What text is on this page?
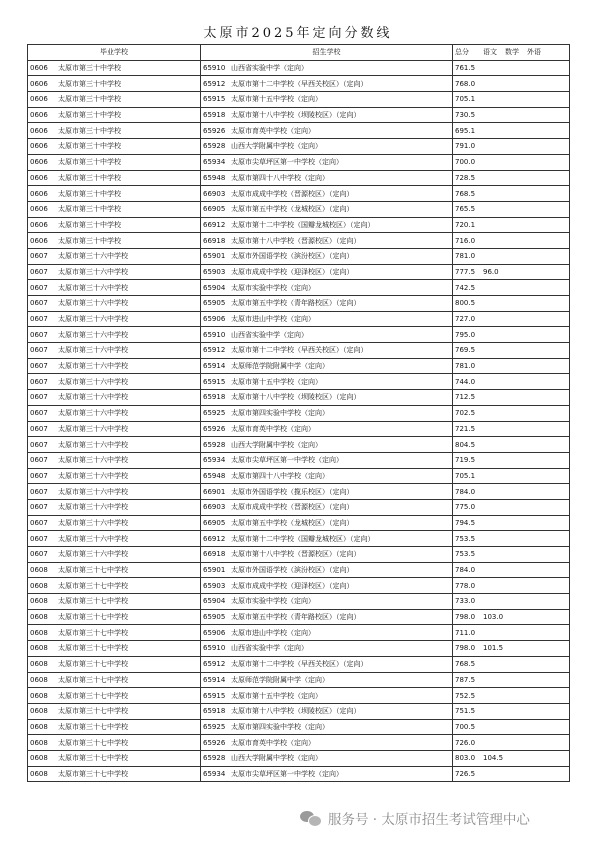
太原市2025年定向分数线
毕业学校	招生学校	总分 语文 数学 外语
0606 太原市第三十中学校	65910 山西省实验中学（定向）	761.5
0606 太原市第三十中学校	65912 太原市第十二中学校（早西关校区）（定向）	768.0
0606 太原市第三十中学校	65915 太原市第十五中学校（定向）	705.1
0606 太原市第三十中学校	65918 太原市第十八中学校（坝陵校区）（定向）	730.5
0606 太原市第三十中学校	65926 太原市育英中学校（定向）	695.1
0606 太原市第三十中学校	65928 山西大学附属中学校（定向）	791.0
0606 太原市第三十中学校	65934 太原市尖草坪区第一中学校（定向）	700.0
0606 太原市第三十中学校	65948 太原市第四十八中学校（定向）	728.5
0606 太原市第三十中学校	66903 太原市成成中学校（晋源校区）（定向）	768.5
0606 太原市第三十中学校	66905 太原市第五中学校（龙城校区）（定向）	765.5
0606 太原市第三十中学校	66912 太原市第十二中学校（国瓣龙城校区）（定向）	720.1
0606 太原市第三十中学校	66918 太原市第十八中学校（晋源校区）（定向）	716.0
0607 太原市第三十六中学校	65901 太原市外国语学校（滨汾校区）（定向）	781.0
0607 太原市第三十六中学校	65903 太原市成成中学校（迎泽校区）（定向）	777.5 96.0
0607 太原市第三十六中学校	65904 太原市实验中学校（定向）	742.5
0607 太原市第三十六中学校	65905 太原市第五中学校（青年路校区）（定向）	800.5
0607 太原市第三十六中学校	65906 太原市进山中学校（定向）	727.0
0607 太原市第三十六中学校	65910 山西省实验中学（定向）	795.0
0607 太原市第三十六中学校	65912 太原市第十二中学校（早西关校区）（定向）	769.5
0607 太原市第三十六中学校	65914 太原师范学院附属中学（定向）	781.0
0607 太原市第三十六中学校	65915 太原市第十五中学校（定向）	744.0
0607 太原市第三十六中学校	65918 太原市第十八中学校（坝陵校区）（定向）	712.5
0607 太原市第三十六中学校	65925 太原市第四实验中学校（定向）	702.5
0607 太原市第三十六中学校	65926 太原市育英中学校（定向）	721.5
0607 太原市第三十六中学校	65928 山西大学附属中学校（定向）	804.5
0607 太原市第三十六中学校	65934 太原市尖草坪区第一中学校（定向）	719.5
0607 太原市第三十六中学校	65948 太原市第四十八中学校（定向）	705.1
0607 太原市第三十六中学校	66901 太原市外国语学校（揽乐校区）（定向）	784.0
0607 太原市第三十六中学校	66903 太原市成成中学校（晋源校区）（定向）	775.0
0607 太原市第三十六中学校	66905 太原市第五中学校（龙城校区）（定向）	794.5
0607 太原市第三十六中学校	66912 太原市第十二中学校（国瓣龙城校区）（定向）	753.5
0607 太原市第三十六中学校	66918 太原市第十八中学校（晋源校区）（定向）	753.5
0608 太原市第三十七中学校	65901 太原市外国语学校（滨汾校区）（定向）	784.0
0608 太原市第三十七中学校	65903 太原市成成中学校（迎泽校区）（定向）	778.0
0608 太原市第三十七中学校	65904 太原市实验中学校（定向）	733.0
0608 太原市第三十七中学校	65905 太原市第五中学校（青年路校区）（定向）	798.0 103.0
0608 太原市第三十七中学校	65906 太原市进山中学校（定向）	711.0
0608 太原市第三十七中学校	65910 山西省实验中学（定向）	798.0 101.5
0608 太原市第三十七中学校	65912 太原市第十二中学校（早西关校区）（定向）	768.5
0608 太原市第三十七中学校	65914 太原师范学院附属中学（定向）	787.5
0608 太原市第三十七中学校	65915 太原市第十五中学校（定向）	752.5
0608 太原市第三十七中学校	65918 太原市第十八中学校（坝陵校区）（定向）	751.5
0608 太原市第三十七中学校	65925 太原市第四实验中学校（定向）	700.5
0608 太原市第三十七中学校	65926 太原市育英中学校（定向）	726.0
0608 太原市第三十七中学校	65928 山西大学附属中学校（定向）	803.0 104.5
0608 太原市第三十七中学校	65934 太原市尖草坪区第一中学校（定向）	726.5
服务号 · 太原市招生考试管理中心
